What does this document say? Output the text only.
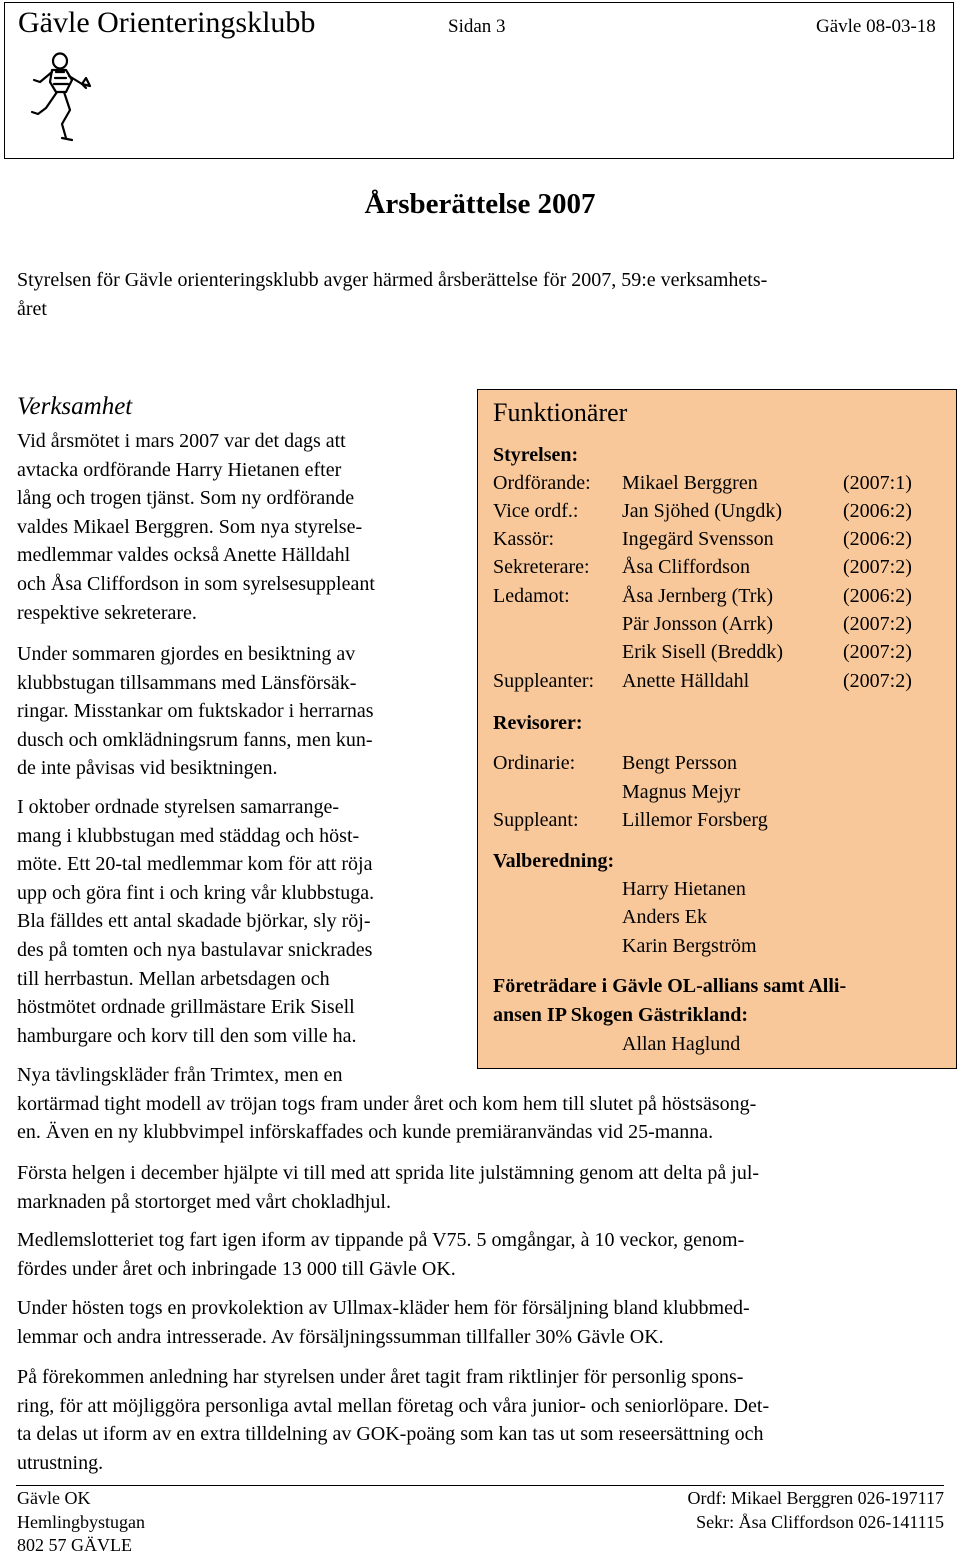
Gävle Orienteringsklubb	Sidan 3	Gävle 08-03-18
Årsberättelse 2007

Styrelsen för Gävle orienteringsklubb avger härmed årsberättelse för 2007, 59:e verksamhets-

året

Verksamhet

Vid årsmötet i mars 2007 var det dags att

avtacka ordförande Harry Hietanen efter

lång och trogen tjänst. Som ny ordförande

valdes Mikael Berggren. Som nya styrelse-

medlemmar valdes också Anette Hälldahl

och Åsa Cliffordson in som syrelsesuppleant

respektive sekreterare.

Under sommaren gjordes en besiktning av

klubbstugan tillsammans med Länsförsäk-

ringar. Misstankar om fuktskador i herrarnas

dusch och omklädningsrum fanns, men kun-

de inte påvisas vid besiktningen.

I oktober ordnade styrelsen samarrange-

mang i klubbstugan med städdag och höst-

möte. Ett 20-tal medlemmar kom för att röja

upp och göra fint i och kring vår klubbstuga.

Bla fälldes ett antal skadade björkar, sly röj-

des på tomten och nya bastulavar snickrades

till herrbastun. Mellan arbetsdagen och

höstmötet ordnade grillmästare Erik Sisell

hamburgare och korv till den som ville ha.

Nya tävlingskläder från Trimtex, men en

kortärmad tight modell av tröjan togs fram under året och kom hem till slutet på höstsäsong-

en. Även en ny klubbvimpel införskaffades och kunde premiäranvändas vid 25-manna.

Första helgen i december hjälpte vi till med att sprida lite julstämning genom att delta på jul-

marknaden på stortorget med vårt chokladhjul.

Medlemslotteriet tog fart igen iform av tippande på V75. 5 omgångar, à 10 veckor, genom-

fördes under året och inbringade 13 000 till Gävle OK.

Under hösten togs en provkolektion av Ullmax-kläder hem för försäljning bland klubbmed-

lemmar och andra intresserade. Av försäljningssumman tillfaller 30% Gävle OK.

På förekommen anledning har styrelsen under året tagit fram riktlinjer för personlig spons-

ring, för att möjliggöra personliga avtal mellan företag och våra junior- och seniorlöpare. Det-

ta delas ut iform av en extra tilldelning av GOK-poäng som kan tas ut som reseersättning och

utrustning.

Funktionärer
Styrelsen:
Ordförande: Mikael Berggren	(2007:1)
Vice ordf.: Jan Sjöhed (Ungdk)	(2006:2)
Kassör:	Ingegärd Svensson	(2006:2)
Sekreterare: Åsa Cliffordson	(2007:2)
Ledamot:	Åsa Jernberg (Trk)	(2006:2)
Pär Jonsson (Arrk)	(2007:2)
Erik Sisell (Breddk)	(2007:2)
Suppleanter: Anette Hälldahl	(2007:2)
Revisorer:
Ordinarie: Bengt Persson
Magnus Mejyr
Suppleant: Lillemor Forsberg
Valberedning:
Harry Hietanen
Anders Ek
Karin Bergström
Företrädare i Gävle OL-allians samt Alli-
ansen IP Skogen Gästrikland:
Allan Haglund
Gävle OK
Hemlingbystugan
802 57 GÄVLE
Ordf: Mikael Berggren 026-197117
Sekr: Åsa Cliffordson 026-141115
